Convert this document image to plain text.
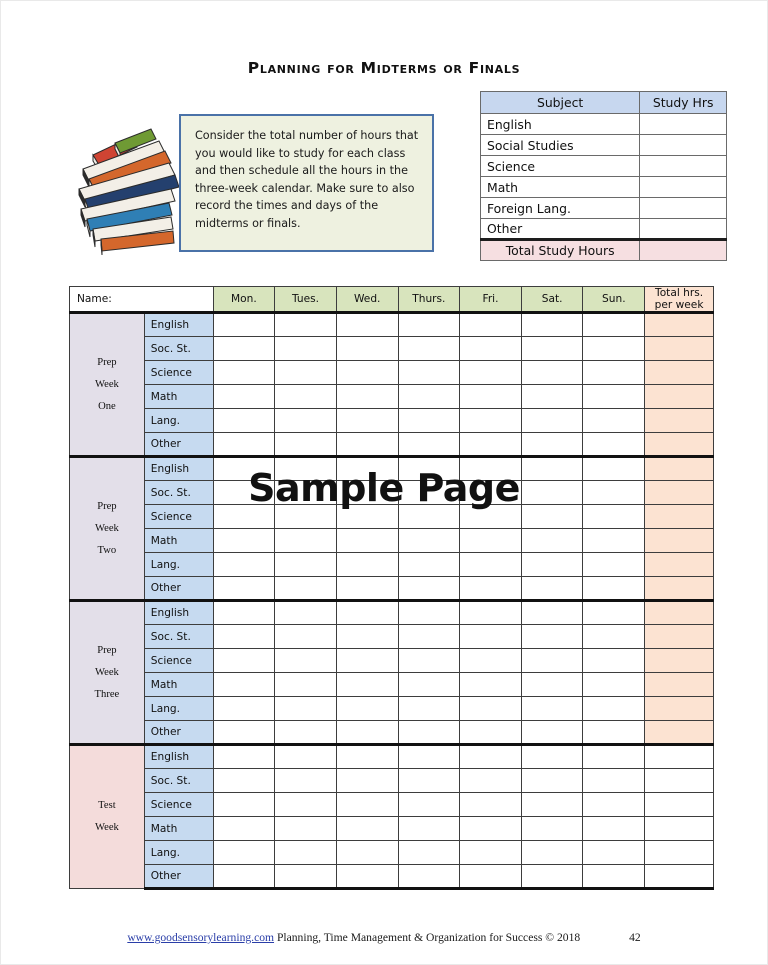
Planning for Midterms or Finals

Consider the total number of hours that you would like to study for each class and then schedule all the hours in the three-week calendar. Make sure to also record the times and days of the midterms or finals.

Subject	Study Hrs
English	
Social Studies	
Science	
Math	
Foreign Lang.	
Other	
Total Study Hours	
Name:		Mon.	Tues.	Wed.	Thurs.	Fri.	Sat.	Sun.	Total hrs. per week

Prep
Week
One	English								
	Soc. St.								
	Science								
	Math								
	Lang.								
	Other								

Prep
Week
Two	English								
	Soc. St.								
	Science								
	Math								
	Lang.								
	Other								

Prep
Week
Three	English								
	Soc. St.								
	Science								
	Math								
	Lang.								
	Other								

Test
Week	English								
	Soc. St.								
	Science								
	Math								
	Lang.								
	Other								
Sample Page
www.goodsensorylearning.com Planning, Time Management & Organization for Success © 2018	42
